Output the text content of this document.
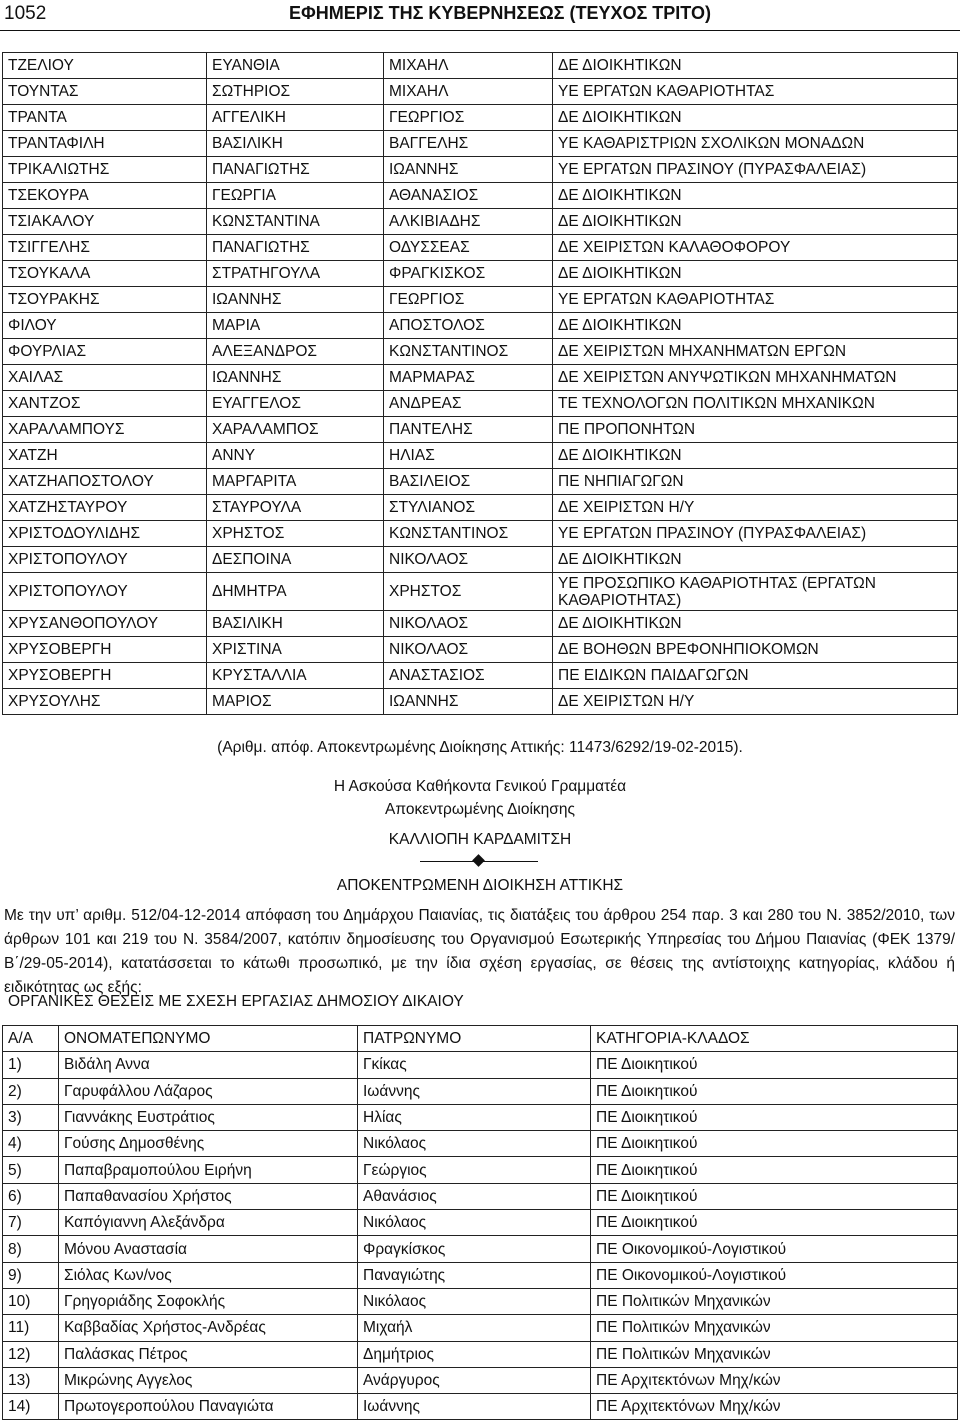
1052	ΕΦΗΜΕΡΙΣ ΤΗΣ ΚΥΒΕΡΝΗΣΕΩΣ (ΤΕΥΧΟΣ ΤΡΙΤΟ)
ΤΖΕΛΙΟΥ	ΕΥΑΝΘΙΑ	ΜΙΧΑΗΛ	ΔΕ ΔΙΟΙΚΗΤΙΚΩΝ
ΤΟΥΝΤΑΣ	ΣΩΤΗΡΙΟΣ	ΜΙΧΑΗΛ	ΥΕ ΕΡΓΑΤΩΝ ΚΑΘΑΡΙΟΤΗΤΑΣ
ΤΡΑΝΤΑ	ΑΓΓΕΛΙΚΗ	ΓΕΩΡΓΙΟΣ	ΔΕ ΔΙΟΙΚΗΤΙΚΩΝ
ΤΡΑΝΤΑΦΙΛΗ	ΒΑΣΙΛΙΚΗ	ΒΑΓΓΕΛΗΣ	ΥΕ ΚΑΘΑΡΙΣΤΡΙΩΝ ΣΧΟΛΙΚΩΝ ΜΟΝΑΔΩΝ
ΤΡΙΚΑΛΙΩΤΗΣ	ΠΑΝΑΓΙΩΤΗΣ	ΙΩΑΝΝΗΣ	ΥΕ ΕΡΓΑΤΩΝ ΠΡΑΣΙΝΟΥ (ΠΥΡΑΣΦΑΛΕΙΑΣ)
ΤΣΕΚΟΥΡΑ	ΓΕΩΡΓΙΑ	ΑΘΑΝΑΣΙΟΣ	ΔΕ ΔΙΟΙΚΗΤΙΚΩΝ
ΤΣΙΑΚΑΛΟΥ	ΚΩΝΣΤΑΝΤΙΝΑ	ΑΛΚΙΒΙΑΔΗΣ	ΔΕ ΔΙΟΙΚΗΤΙΚΩΝ
ΤΣΙΓΓΕΛΗΣ	ΠΑΝΑΓΙΩΤΗΣ	ΟΔΥΣΣΕΑΣ	ΔΕ ΧΕΙΡΙΣΤΩΝ ΚΑΛΑΘΟΦΟΡΟΥ
ΤΣΟΥΚΑΛΑ	ΣΤΡΑΤΗΓΟΥΛΑ	ΦΡΑΓΚΙΣΚΟΣ	ΔΕ ΔΙΟΙΚΗΤΙΚΩΝ
ΤΣΟΥΡΑΚΗΣ	ΙΩΑΝΝΗΣ	ΓΕΩΡΓΙΟΣ	ΥΕ ΕΡΓΑΤΩΝ ΚΑΘΑΡΙΟΤΗΤΑΣ
ΦΙΛΟΥ	ΜΑΡΙΑ	ΑΠΟΣΤΟΛΟΣ	ΔΕ ΔΙΟΙΚΗΤΙΚΩΝ
ΦΟΥΡΛΙΑΣ	ΑΛΕΞΑΝΔΡΟΣ	ΚΩΝΣΤΑΝΤΙΝΟΣ	ΔΕ ΧΕΙΡΙΣΤΩΝ ΜΗΧΑΝΗΜΑΤΩΝ ΕΡΓΩΝ
ΧΑΙΛΑΣ	ΙΩΑΝΝΗΣ	ΜΑΡΜΑΡΑΣ	ΔΕ ΧΕΙΡΙΣΤΩΝ ΑΝΥΨΩΤΙΚΩΝ ΜΗΧΑΝΗΜΑΤΩΝ
ΧΑΝΤΖΟΣ	ΕΥΑΓΓΕΛΟΣ	ΑΝΔΡΕΑΣ	ΤΕ ΤΕΧΝΟΛΟΓΩΝ ΠΟΛΙΤΙΚΩΝ ΜΗΧΑΝΙΚΩΝ
ΧΑΡΑΛΑΜΠΟΥΣ	ΧΑΡΑΛΑΜΠΟΣ	ΠΑΝΤΕΛΗΣ	ΠΕ ΠΡΟΠΟΝΗΤΩΝ
ΧΑΤΖΗ	ΑΝΝΥ	ΗΛΙΑΣ	ΔΕ ΔΙΟΙΚΗΤΙΚΩΝ
ΧΑΤΖΗΑΠΟΣΤΟΛΟΥ	ΜΑΡΓΑΡΙΤΑ	ΒΑΣΙΛΕΙΟΣ	ΠΕ ΝΗΠΙΑΓΩΓΩΝ
ΧΑΤΖΗΣΤΑΥΡΟΥ	ΣΤΑΥΡΟΥΛΑ	ΣΤΥΛΙΑΝΟΣ	ΔΕ ΧΕΙΡΙΣΤΩΝ Η/Υ
ΧΡΙΣΤΟΔΟΥΛΙΔΗΣ	ΧΡΗΣΤΟΣ	ΚΩΝΣΤΑΝΤΙΝΟΣ	ΥΕ ΕΡΓΑΤΩΝ ΠΡΑΣΙΝΟΥ (ΠΥΡΑΣΦΑΛΕΙΑΣ)
ΧΡΙΣΤΟΠΟΥΛΟΥ	ΔΕΣΠΟΙΝΑ	ΝΙΚΟΛΑΟΣ	ΔΕ ΔΙΟΙΚΗΤΙΚΩΝ
ΧΡΙΣΤΟΠΟΥΛΟΥ	ΔΗΜΗΤΡΑ	ΧΡΗΣΤΟΣ	ΥΕ ΠΡΟΣΩΠΙΚΟ ΚΑΘΑΡΙΟΤΗΤΑΣ (ΕΡΓΑΤΩΝ ΚΑΘΑΡΙΟΤΗΤΑΣ)
ΧΡΥΣΑΝΘΟΠΟΥΛΟΥ	ΒΑΣΙΛΙΚΗ	ΝΙΚΟΛΑΟΣ	ΔΕ ΔΙΟΙΚΗΤΙΚΩΝ
ΧΡΥΣΟΒΕΡΓΗ	ΧΡΙΣΤΙΝΑ	ΝΙΚΟΛΑΟΣ	ΔΕ ΒΟΗΘΩΝ ΒΡΕΦΟΝΗΠΙΟΚΟΜΩΝ
ΧΡΥΣΟΒΕΡΓΗ	ΚΡΥΣΤΑΛΛΙΑ	ΑΝΑΣΤΑΣΙΟΣ	ΠΕ ΕΙΔΙΚΩΝ ΠΑΙΔΑΓΩΓΩΝ
ΧΡΥΣΟΥΛΗΣ	ΜΑΡΙΟΣ	ΙΩΑΝΝΗΣ	ΔΕ ΧΕΙΡΙΣΤΩΝ Η/Υ
(Αριθμ. απόφ. Αποκεντρωμένης Διοίκησης Αττικής: 11473/6292/19-02-2015).
Η Ασκούσα Καθήκοντα Γενικού Γραμματέα
Αποκεντρωμένης Διοίκησης
ΚΑΛΛΙΟΠΗ ΚΑΡΔΑΜΙΤΣΗ
ΑΠΟΚΕΝΤΡΩΜΕΝΗ ΔΙΟΙΚΗΣΗ ΑΤΤΙΚΗΣ
Με την υπ’ αριθμ. 512/04-12-2014 απόφαση του Δημάρχου Παιανίας, τις διατάξεις του άρθρου 254 παρ. 3 και 280 του Ν. 3852/2010, των άρθρων 101 και 219 του Ν. 3584/2007, κατόπιν δημοσίευσης του Οργανισμού Εσωτερικής Υπηρεσίας του Δήμου Παιανίας (ΦΕΚ 1379/Β΄/29-05-2014), κατατάσσεται το κάτωθι προσωπικό, με την ίδια σχέση εργασίας, σε θέσεις της αντίστοιχης κατηγορίας, κλάδου ή ειδικότητας ως εξής:
ΟΡΓΑΝΙΚΕΣ ΘΕΣΕΙΣ ΜΕ ΣΧΕΣΗ ΕΡΓΑΣΙΑΣ ΔΗΜΟΣΙΟΥ ΔΙΚΑΙΟΥ
Α/Α	ΟΝΟΜΑΤΕΠΩΝΥΜΟ	ΠΑΤΡΩΝΥΜΟ	ΚΑΤΗΓΟΡΙΑ-ΚΛΑΔΟΣ
1)	Βιδάλη Αννα	Γκίκας	ΠΕ Διοικητικού
2)	Γαρυφάλλου Λάζαρος	Ιωάννης	ΠΕ Διοικητικού
3)	Γιαννάκης Ευστράτιος	Ηλίας	ΠΕ Διοικητικού
4)	Γούσης Δημοσθένης	Νικόλαος	ΠΕ Διοικητικού
5)	Παπαβραμοπούλου Ειρήνη	Γεώργιος	ΠΕ Διοικητικού
6)	Παπαθανασίου Χρήστος	Αθανάσιος	ΠΕ Διοικητικού
7)	Καπόγιαννη Αλεξάνδρα	Νικόλαος	ΠΕ Διοικητικού
8)	Μόνου Αναστασία	Φραγκίσκος	ΠΕ Οικονομικού-Λογιστικού
9)	Σιόλας Κων/νος	Παναγιώτης	ΠΕ Οικονομικού-Λογιστικού
10)	Γρηγοριάδης Σοφοκλής	Νικόλαος	ΠΕ Πολιτικών Μηχανικών
11)	Καββαδίας Χρήστος-Ανδρέας	Μιχαήλ	ΠΕ Πολιτικών Μηχανικών
12)	Παλάσκας Πέτρος	Δημήτριος	ΠΕ Πολιτικών Μηχανικών
13)	Μικρώνης Αγγελος	Ανάργυρος	ΠΕ Αρχιτεκτόνων Μηχ/κών
14)	Πρωτογεροπούλου Παναγιώτα	Ιωάννης	ΠΕ Αρχιτεκτόνων Μηχ/κών
